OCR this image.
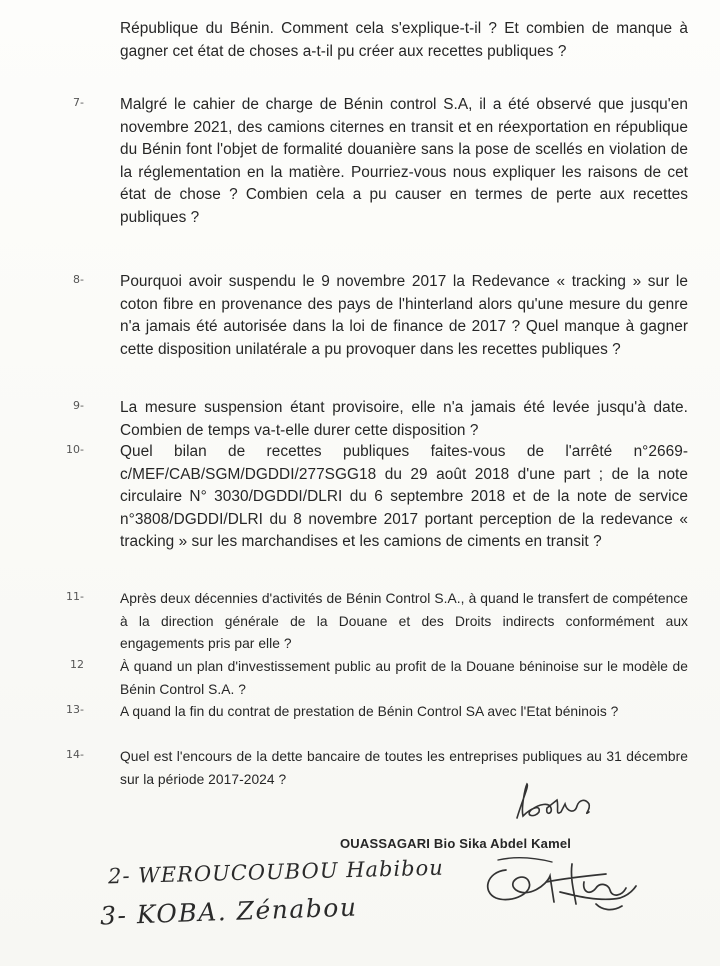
République du Bénin. Comment cela s'explique-t-il ? Et combien de manque à gagner cet état de choses a-t-il pu créer aux recettes publiques ?
7- Malgré le cahier de charge de Bénin control S.A, il a été observé que jusqu'en novembre 2021, des camions citernes en transit et en réexportation en république du Bénin font l'objet de formalité douanière sans la pose de scellés en violation de la réglementation en la matière. Pourriez-vous nous expliquer les raisons de cet état de chose ? Combien cela a pu causer en termes de perte aux recettes publiques ?
8- Pourquoi avoir suspendu le 9 novembre 2017 la Redevance « tracking » sur le coton fibre en provenance des pays de l'hinterland alors qu'une mesure du genre n'a jamais été autorisée dans la loi de finance de 2017 ? Quel manque à gagner cette disposition unilatérale a pu provoquer dans les recettes publiques ?
9- La mesure suspension étant provisoire, elle n'a jamais été levée jusqu'à date. Combien de temps va-t-elle durer cette disposition ?
10- Quel bilan de recettes publiques faites-vous de l'arrêté n°2669-c/MEF/CAB/SGM/DGDDI/277SGG18 du 29 août 2018 d'une part ; de la note circulaire N° 3030/DGDDI/DLRI du 6 septembre 2018 et de la note de service n°3808/DGDDI/DLRI du 8 novembre 2017 portant perception de la redevance « tracking » sur les marchandises et les camions de ciments en transit ?
11-	Après deux décennies d'activités de Bénin Control S.A., à quand le transfert de compétence à la direction générale de la Douane et des Droits indirects conformément aux engagements pris par elle ?
12	À quand un plan d'investissement public au profit de la Douane béninoise sur le modèle de Bénin Control S.A. ?
13-	A quand la fin du contrat de prestation de Bénin Control SA avec l'Etat béninois ?
14-	Quel est l'encours de la dette bancaire de toutes les entreprises publiques au 31 décembre sur la période 2017-2024 ?
OUASSAGARI Bio Sika Abdel Kamel
2- WEROUCOUBOU Habibou
3- KOBA. Zénabou
